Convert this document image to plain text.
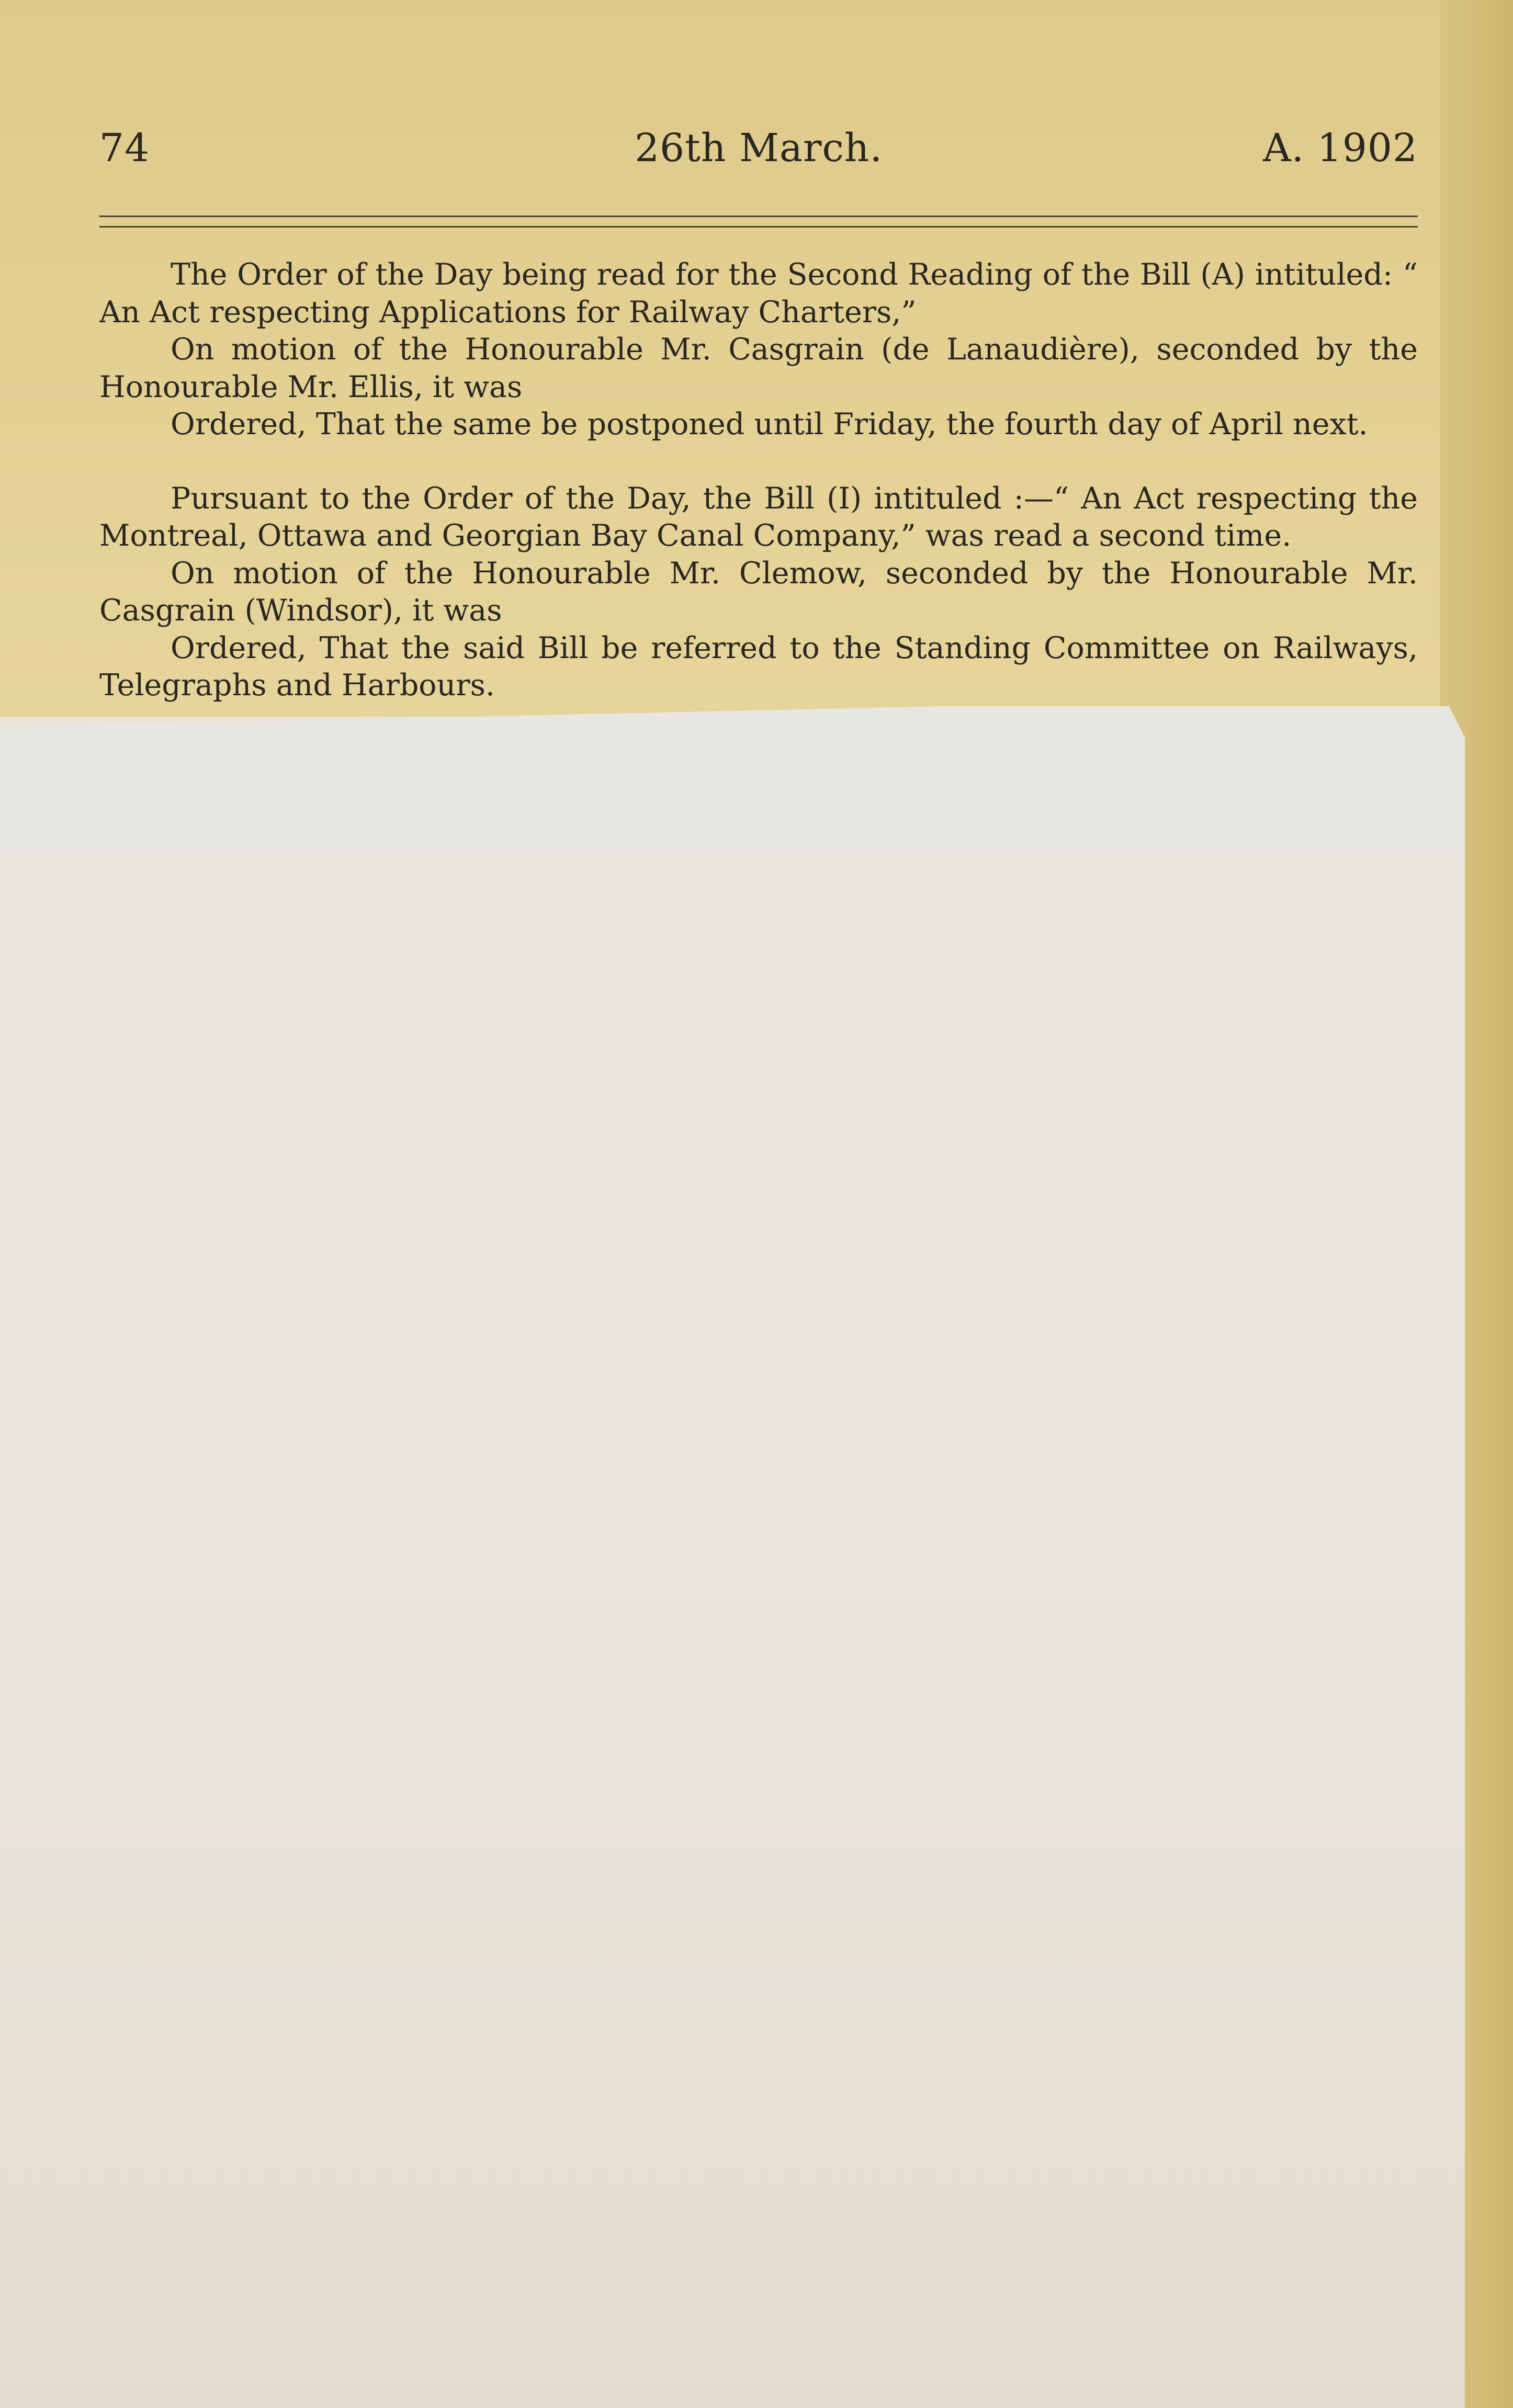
74	26th March.	A. 1902

The Order of the Day being read for the Second Reading of the Bill (A) intituled: “ An Act respecting Applications for Railway Charters,”

On motion of the Honourable Mr. Casgrain (de Lanaudière), seconded by the Honourable Mr. Ellis, it was

Ordered, That the same be postponed until Friday, the fourth day of April next.

Pursuant to the Order of the Day, the Bill (I) intituled :—“ An Act respecting the Montreal, Ottawa and Georgian Bay Canal Company,” was read a second time.

On motion of the Honourable Mr. Clemow, seconded by the Honourable Mr. Casgrain (Windsor), it was

Ordered, That the said Bill be referred to the Standing Committee on Railways, Telegraphs and Harbours.
